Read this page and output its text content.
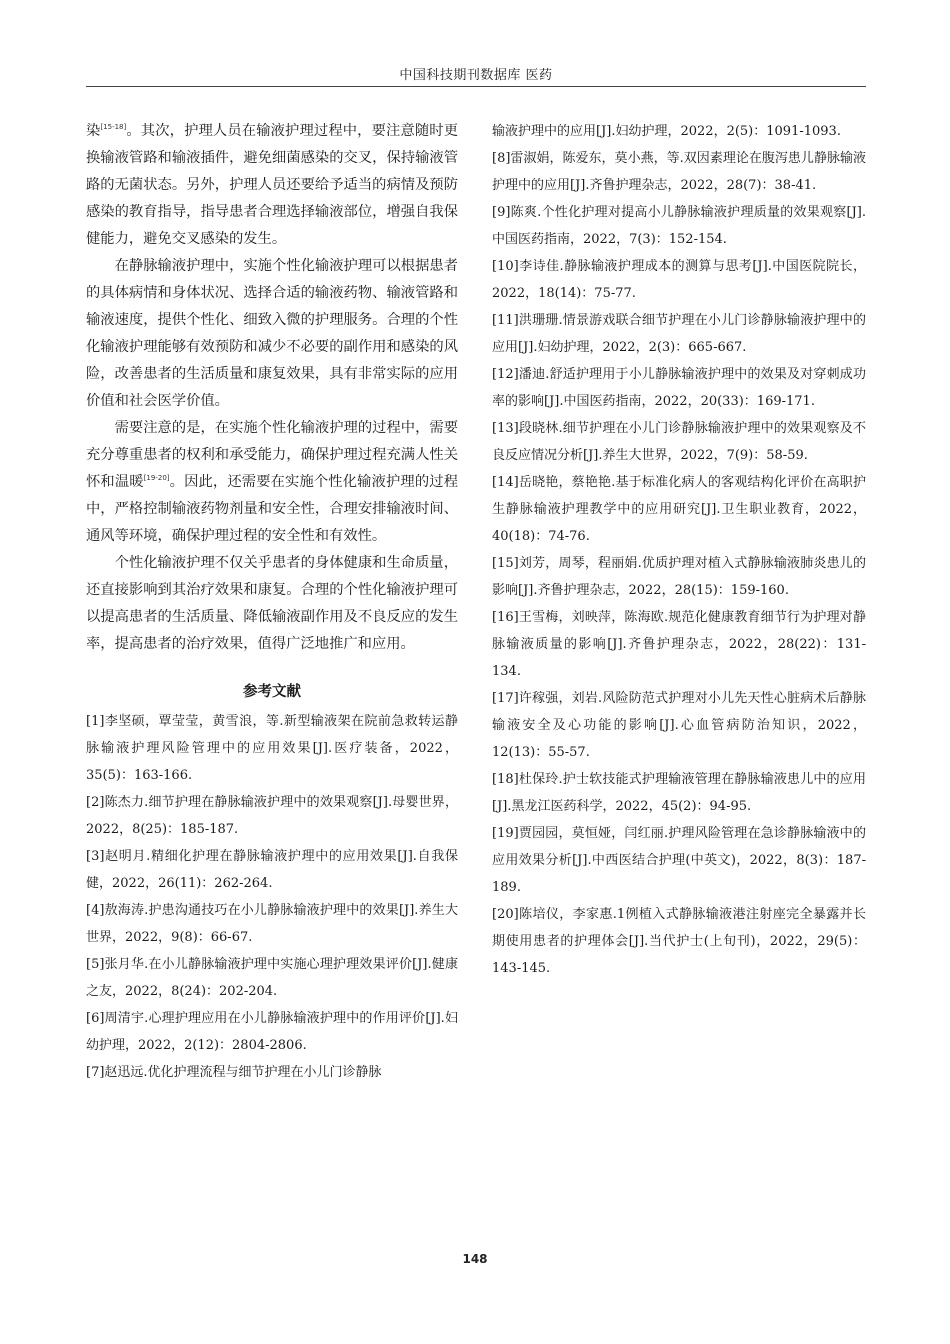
中国科技期刊数据库 医药

染[15-18]。其次，护理人员在输液护理过程中，要注意随时更换输液管路和输液插件，避免细菌感染的交叉，保持输液管路的无菌状态。另外，护理人员还要给予适当的病情及预防感染的教育指导，指导患者合理选择输液部位，增强自我保健能力，避免交叉感染的发生。

在静脉输液护理中，实施个性化输液护理可以根据患者的具体病情和身体状况、选择合适的输液药物、输液管路和输液速度，提供个性化、细致入微的护理服务。合理的个性化输液护理能够有效预防和减少不必要的副作用和感染的风险，改善患者的生活质量和康复效果，具有非常实际的应用价值和社会医学价值。

需要注意的是，在实施个性化输液护理的过程中，需要充分尊重患者的权利和承受能力，确保护理过程充满人性关怀和温暖[19-20]。因此，还需要在实施个性化输液护理的过程中，严格控制输液药物剂量和安全性，合理安排输液时间、通风等环境，确保护理过程的安全性和有效性。

个性化输液护理不仅关乎患者的身体健康和生命质量，还直接影响到其治疗效果和康复。合理的个性化输液护理可以提高患者的生活质量、降低输液副作用及不良反应的发生率，提高患者的治疗效果，值得广泛地推广和应用。

参考文献

[1]李坚硕，覃莹莹，黄雪浪，等.新型输液架在院前急救转运静脉输液护理风险管理中的应用效果[J].医疗装备，2022，35(5)：163-166.

[2]陈杰力.细节护理在静脉输液护理中的效果观察[J].母婴世界，2022，8(25)：185-187.

[3]赵明月.精细化护理在静脉输液护理中的应用效果[J].自我保健，2022，26(11)：262-264.

[4]敖海涛.护患沟通技巧在小儿静脉输液护理中的效果[J].养生大世界，2022，9(8)：66-67.

[5]张月华.在小儿静脉输液护理中实施心理护理效果评价[J].健康之友，2022，8(24)：202-204.

[6]周清宇.心理护理应用在小儿静脉输液护理中的作用评价[J].妇幼护理，2022，2(12)：2804-2806.

[7]赵迅远.优化护理流程与细节护理在小儿门诊静脉

输液护理中的应用[J].妇幼护理，2022，2(5)：1091-1093.

[8]雷淑娟，陈爱东，莫小燕，等.双因素理论在腹泻患儿静脉输液护理中的应用[J].齐鲁护理杂志，2022，28(7)：38-41.

[9]陈爽.个性化护理对提高小儿静脉输液护理质量的效果观察[J].中国医药指南，2022，7(3)：152-154.

[10]李诗佳.静脉输液护理成本的测算与思考[J].中国医院院长，2022，18(14)：75-77.

[11]洪珊珊.情景游戏联合细节护理在小儿门诊静脉输液护理中的应用[J].妇幼护理，2022，2(3)：665-667.

[12]潘迪.舒适护理用于小儿静脉输液护理中的效果及对穿刺成功率的影响[J].中国医药指南，2022，20(33)：169-171.

[13]段晓林.细节护理在小儿门诊静脉输液护理中的效果观察及不良反应情况分析[J].养生大世界，2022，7(9)：58-59.

[14]岳晓艳，蔡艳艳.基于标准化病人的客观结构化评价在高职护生静脉输液护理教学中的应用研究[J].卫生职业教育，2022，40(18)：74-76.

[15]刘芳，周琴，程丽娟.优质护理对植入式静脉输液肺炎患儿的影响[J].齐鲁护理杂志，2022，28(15)：159-160.

[16]王雪梅，刘映萍，陈海欧.规范化健康教育细节行为护理对静脉输液质量的影响[J].齐鲁护理杂志，2022，28(22)：131-134.

[17]许稼强，刘岩.风险防范式护理对小儿先天性心脏病术后静脉输液安全及心功能的影响[J].心血管病防治知识，2022，12(13)：55-57.

[18]杜保玲.护士软技能式护理输液管理在静脉输液患儿中的应用[J].黑龙江医药科学，2022，45(2)：94-95.

[19]贾园园，莫恒娅，闫红丽.护理风险管理在急诊静脉输液中的应用效果分析[J].中西医结合护理(中英文)，2022，8(3)：187-189.

[20]陈培仪，李家惠.1例植入式静脉输液港注射座完全暴露并长期使用患者的护理体会[J].当代护士(上旬刊)，2022，29(5)：143-145.

148
